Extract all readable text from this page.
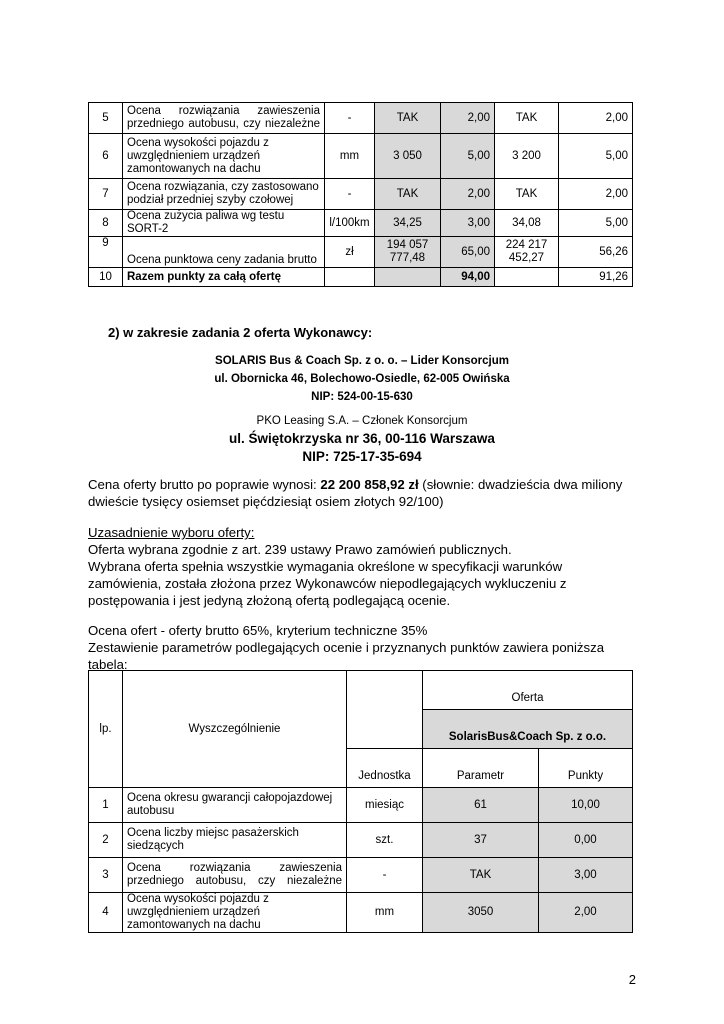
5	Ocena rozwiązania zawieszenia przedniego autobusu, czy niezależne	-	TAK	2,00	TAK	2,00
6	Ocena wysokości pojazdu z uwzględnieniem urządzeń zamontowanych na dachu	mm	3 050	5,00	3 200	5,00
7	Ocena rozwiązania, czy zastosowano podział przedniej szyby czołowej	-	TAK	2,00	TAK	2,00
8	Ocena zużycia paliwa wg testu SORT-2	l/100km	34,25	3,00	34,08	5,00
9	Ocena punktowa ceny zadania brutto	zł	194 057 777,48	65,00	224 217 452,27	56,26
10	Razem punkty za całą ofertę			94,00		91,26
2) w zakresie zadania 2 oferta Wykonawcy:
SOLARIS Bus & Coach Sp. z o. o. – Lider Konsorcjum
ul. Obornicka 46, Bolechowo-Osiedle, 62-005 Owińska
NIP: 524-00-15-630
PKO Leasing S.A. – Członek Konsorcjum
ul. Świętokrzyska nr 36, 00-116 Warszawa
NIP: 725-17-35-694
Cena oferty brutto po poprawie wynosi: 22 200 858,92 zł (słownie: dwadzieścia dwa miliony dwieście tysięcy osiemset pięćdziesiąt osiem złotych 92/100)
Uzasadnienie wyboru oferty:
Oferta wybrana zgodnie z art. 239 ustawy Prawo zamówień publicznych.
Wybrana oferta spełnia wszystkie wymagania określone w specyfikacji warunków zamówienia, została złożona przez Wykonawców niepodlegających wykluczeniu z postępowania i jest jedyną złożoną ofertą podlegającą ocenie.
Ocena ofert - oferty brutto 65%, kryterium techniczne 35%
Zestawienie parametrów podlegających ocenie i przyznanych punktów zawiera poniższa tabela:
lp.	Wyszczególnienie		Oferta	
			SolarisBus&Coach Sp. z o.o.	
		Jednostka	Parametr	Punkty
1	Ocena okresu gwarancji całopojazdowej autobusu	miesiąc	61	10,00
2	Ocena liczby miejsc pasażerskich siedzących	szt.	37	0,00
3	Ocena rozwiązania zawieszenia przedniego autobusu, czy niezależne	-	TAK	3,00
4	Ocena wysokości pojazdu z uwzględnieniem urządzeń zamontowanych na dachu	mm	3050	2,00
2
